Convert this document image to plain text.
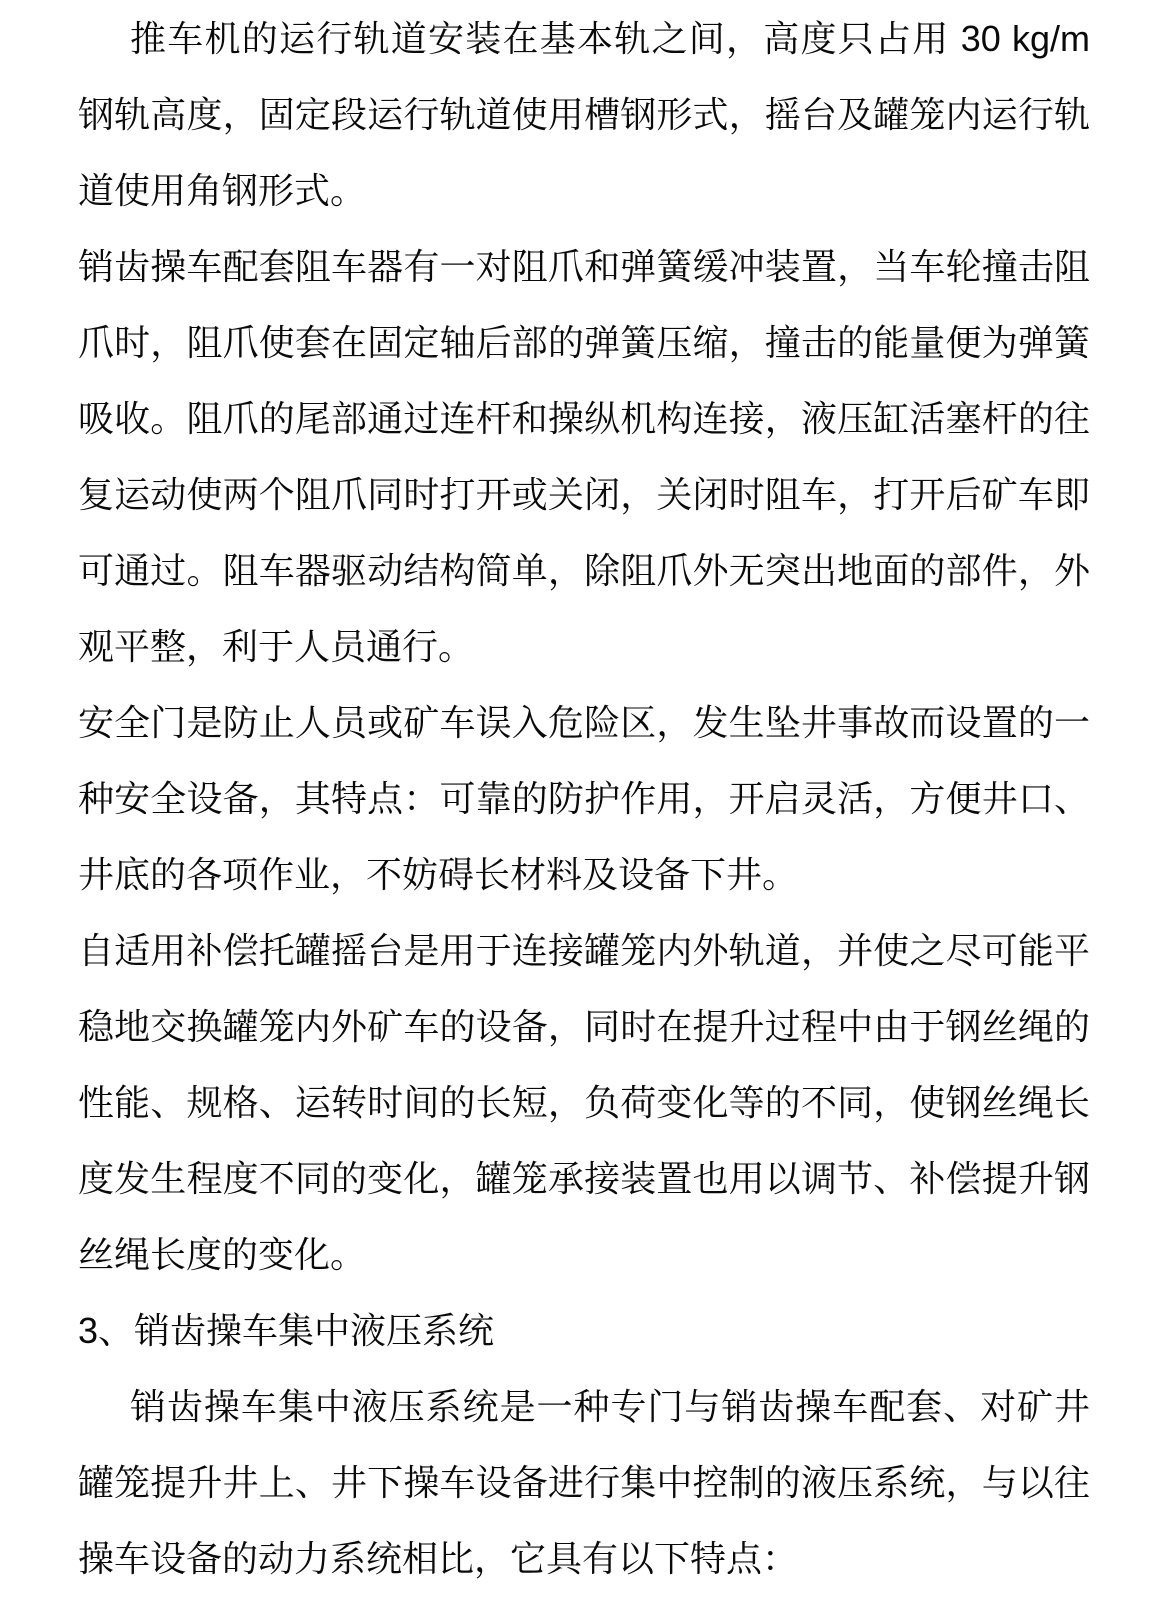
推车机的运行轨道安装在基本轨之间，高度只占用 30 kg/m
钢轨高度，固定段运行轨道使用槽钢形式，摇台及罐笼内运行轨
道使用角钢形式。
销齿操车配套阻车器有一对阻爪和弹簧缓冲装置，当车轮撞击阻
爪时，阻爪使套在固定轴后部的弹簧压缩，撞击的能量便为弹簧
吸收。阻爪的尾部通过连杆和操纵机构连接，液压缸活塞杆的往
复运动使两个阻爪同时打开或关闭，关闭时阻车，打开后矿车即
可通过。阻车器驱动结构简单，除阻爪外无突出地面的部件，外
观平整，利于人员通行。
安全门是防止人员或矿车误入危险区，发生坠井事故而设置的一
种安全设备，其特点：可靠的防护作用，开启灵活，方便井口、
井底的各项作业，不妨碍长材料及设备下井。
自适用补偿托罐摇台是用于连接罐笼内外轨道，并使之尽可能平
稳地交换罐笼内外矿车的设备，同时在提升过程中由于钢丝绳的
性能、规格、运转时间的长短，负荷变化等的不同，使钢丝绳长
度发生程度不同的变化，罐笼承接装置也用以调节、补偿提升钢
丝绳长度的变化。
3、销齿操车集中液压系统
销齿操车集中液压系统是一种专门与销齿操车配套、对矿井
罐笼提升井上、井下操车设备进行集中控制的液压系统，与以往
操车设备的动力系统相比，它具有以下特点：
